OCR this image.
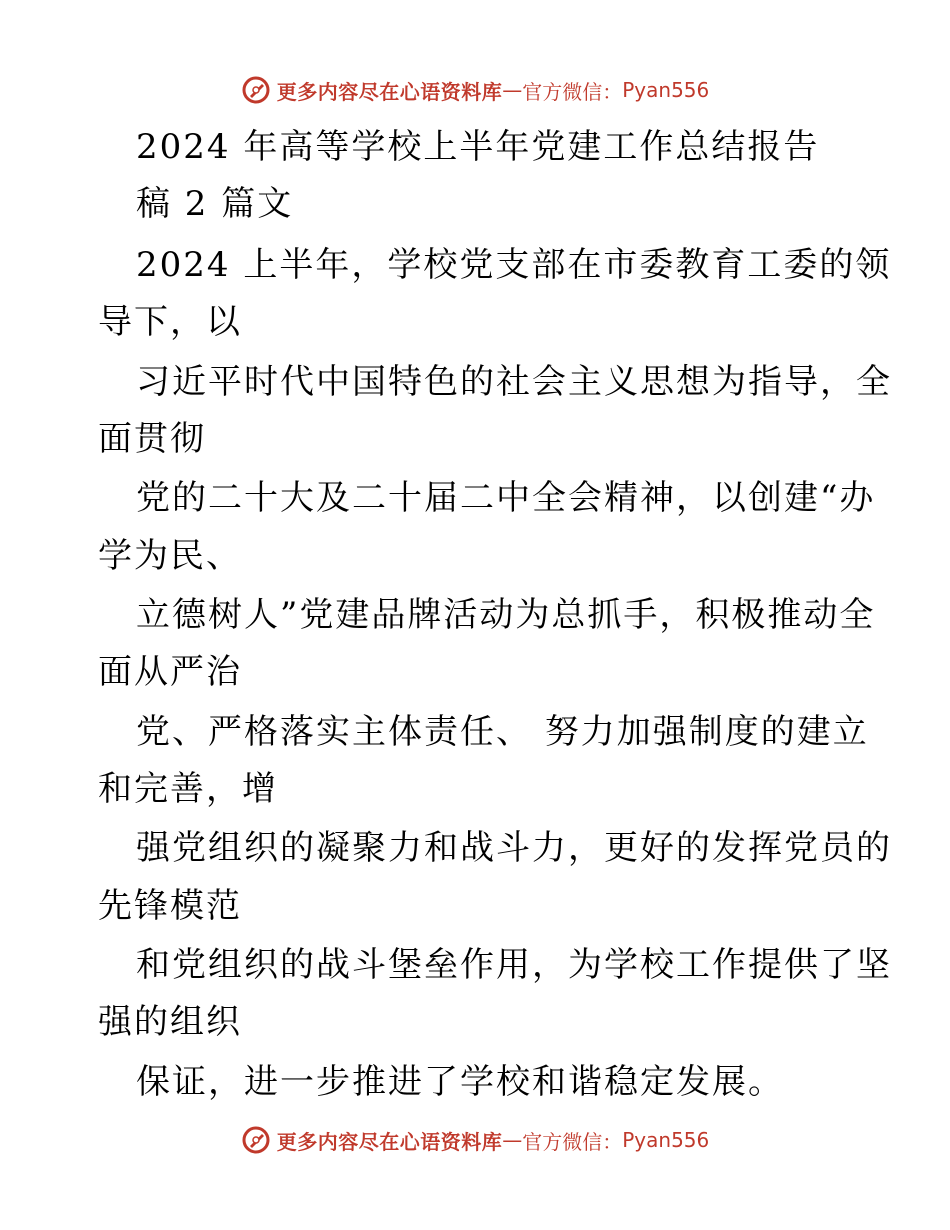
更多内容尽在心语资料库 — 官方微信： Pyan556
2024 年高等学校上半年党建工作总结报告
稿 2 篇文
2024 上半年，学校党支部在市委教育工委的领
导下，以
习近平时代中国特色的社会主义思想为指导，全
面贯彻
党的二十大及二十届二中全会精神，以创建“办
学为民、
立德树人”党建品牌活动为总抓手，积极推动全
面从严治
党、严格落实主体责任、 努力加强制度的建立
和完善，增
强党组织的凝聚力和战斗力，更好的发挥党员的
先锋模范
和党组织的战斗堡垒作用，为学校工作提供了坚
强的组织
保证，进一步推进了学校和谐稳定发展。
更多内容尽在心语资料库 — 官方微信： Pyan556
